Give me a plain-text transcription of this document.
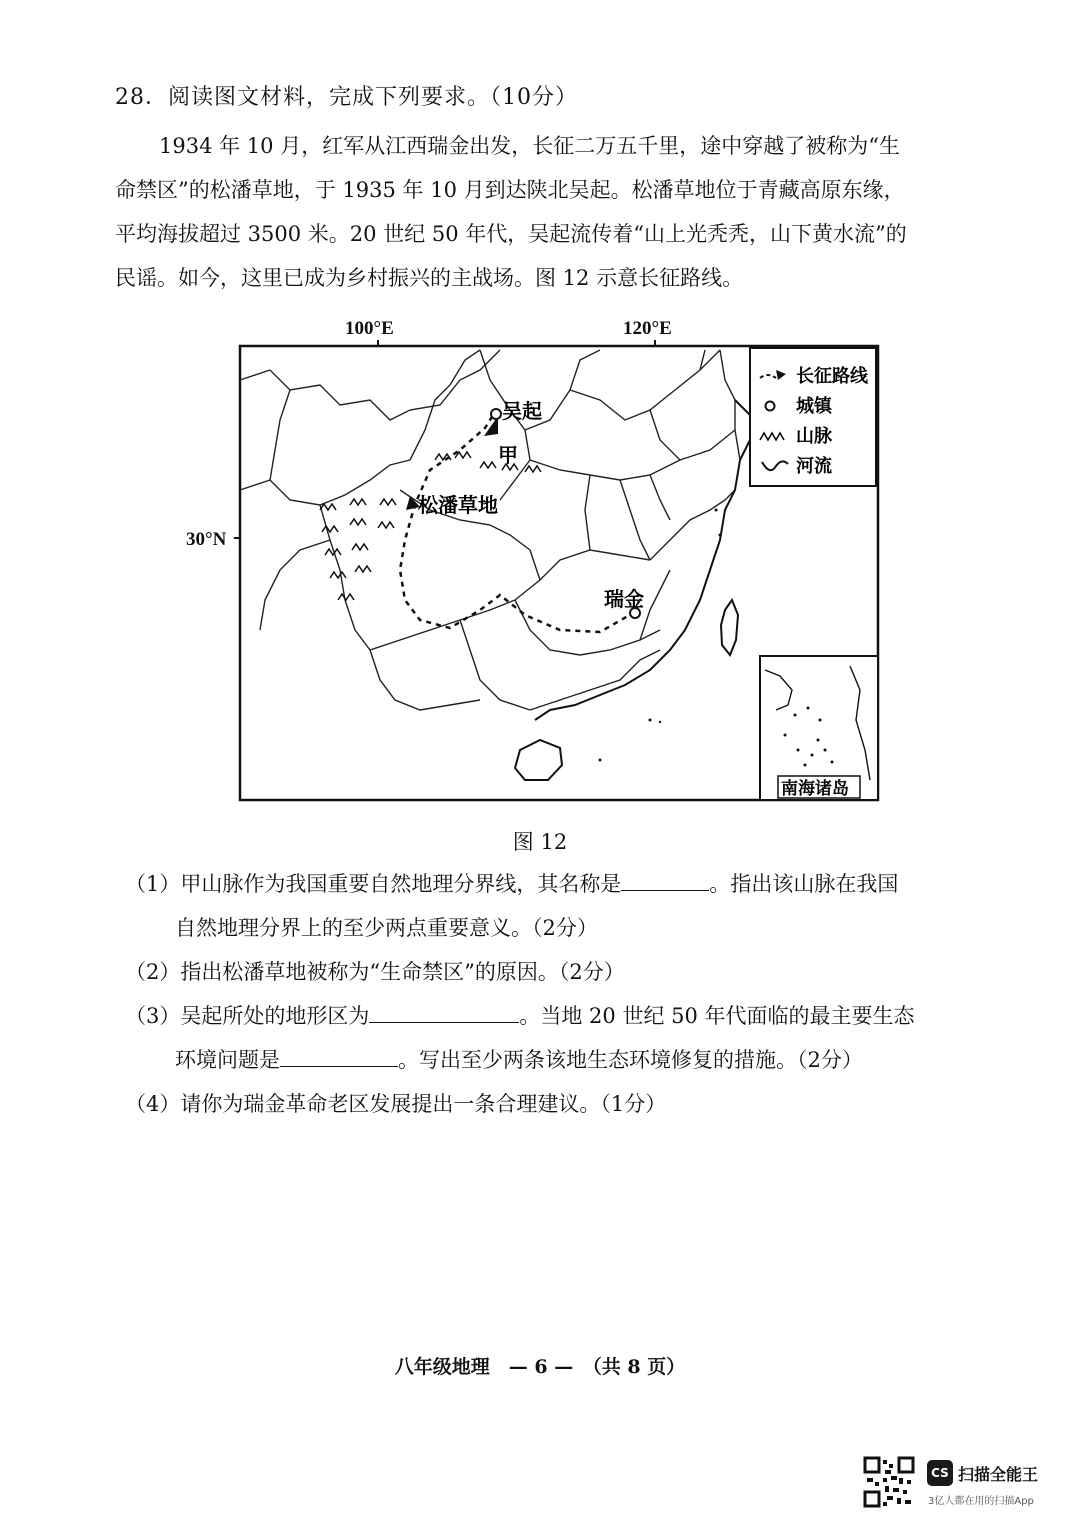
28．阅读图文材料，完成下列要求。（10分）

1934 年 10 月，红军从江西瑞金出发，长征二万五千里，途中穿越了被称为“生

命禁区”的松潘草地，于 1935 年 10 月到达陕北吴起。松潘草地位于青藏高原东缘，

平均海拔超过 3500 米。20 世纪 50 年代，吴起流传着“山上光秃秃，山下黄水流”的

民谣。如今，这里已成为乡村振兴的主战场。图 12 示意长征路线。

100°E	120°E
30°N
吴起
甲
松潘草地
瑞金
长征路线
城镇
山脉
河流
南海诸岛
图 12
（1）甲山脉作为我国重要自然地理分界线，其名称是	。指出该山脉在我国
自然地理分界上的至少两点重要意义。（2分）
（2）指出松潘草地被称为“生命禁区”的原因。（2分）
（3）吴起所处的地形区为	。当地 20 世纪 50 年代面临的最主要生态
环境问题是	。写出至少两条该地生态环境修复的措施。（2分）
（4）请你为瑞金革命老区发展提出一条合理建议。（1分）
八年级地理　— 6 —　（共 8 页）
CS 扫描全能王
3亿人都在用的扫描App
